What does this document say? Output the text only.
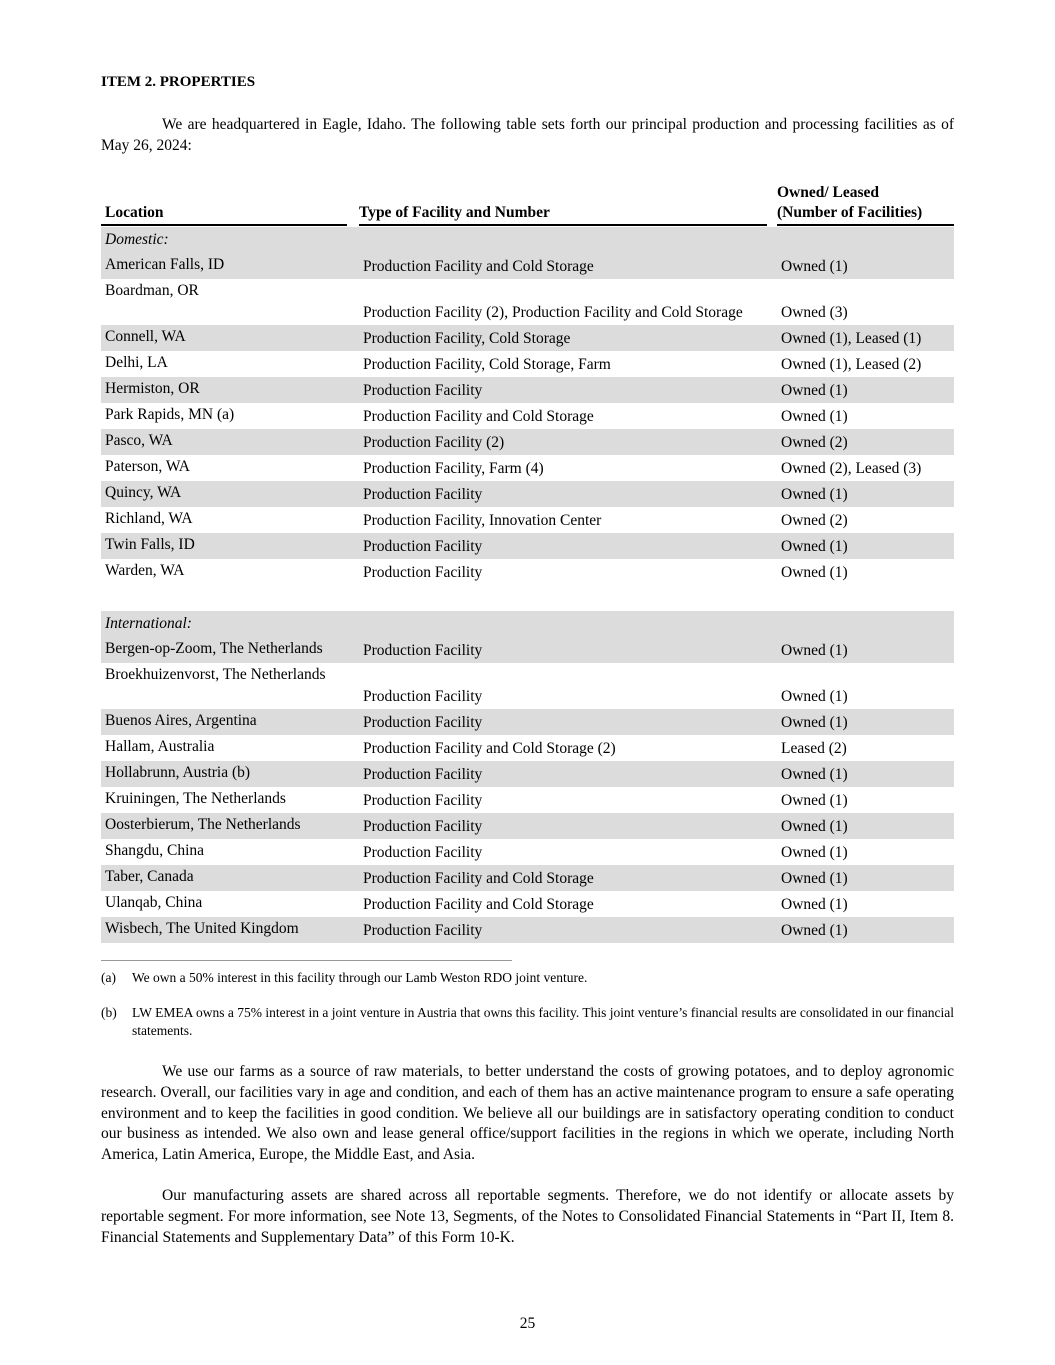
ITEM 2. PROPERTIES

We are headquartered in Eagle, Idaho. The following table sets forth our principal production and processing facilities as of May 26, 2024:

Location	Type of Facility and Number	Owned/ Leased
(Number of Facilities)

Domestic:		
American Falls, ID	Production Facility and Cold Storage	Owned (1)
Boardman, OR	Production Facility (2), Production Facility and Cold Storage	Owned (3)
Connell, WA	Production Facility, Cold Storage	Owned (1), Leased (1)
Delhi, LA	Production Facility, Cold Storage, Farm	Owned (1), Leased (2)
Hermiston, OR	Production Facility	Owned (1)
Park Rapids, MN (a)	Production Facility and Cold Storage	Owned (1)
Pasco, WA	Production Facility (2)	Owned (2)
Paterson, WA	Production Facility, Farm (4)	Owned (2), Leased (3)
Quincy, WA	Production Facility	Owned (1)
Richland, WA	Production Facility, Innovation Center	Owned (2)
Twin Falls, ID	Production Facility	Owned (1)
Warden, WA	Production Facility	Owned (1)

International:		
Bergen-op-Zoom, The Netherlands	Production Facility	Owned (1)
Broekhuizenvorst, The Netherlands	Production Facility	Owned (1)
Buenos Aires, Argentina	Production Facility	Owned (1)
Hallam, Australia	Production Facility and Cold Storage (2)	Leased (2)
Hollabrunn, Austria (b)	Production Facility	Owned (1)
Kruiningen, The Netherlands	Production Facility	Owned (1)
Oosterbierum, The Netherlands	Production Facility	Owned (1)
Shangdu, China	Production Facility	Owned (1)
Taber, Canada	Production Facility and Cold Storage	Owned (1)
Ulanqab, China	Production Facility and Cold Storage	Owned (1)
Wisbech, The United Kingdom	Production Facility	Owned (1)
(a) We own a 50% interest in this facility through our Lamb Weston RDO joint venture.
(b) LW EMEA owns a 75% interest in a joint venture in Austria that owns this facility. This joint venture’s financial results are consolidated in our financial statements.

We use our farms as a source of raw materials, to better understand the costs of growing potatoes, and to deploy agronomic research. Overall, our facilities vary in age and condition, and each of them has an active maintenance program to ensure a safe operating environment and to keep the facilities in good condition. We believe all our buildings are in satisfactory operating condition to conduct our business as intended. We also own and lease general office/support facilities in the regions in which we operate, including North America, Latin America, Europe, the Middle East, and Asia.

Our manufacturing assets are shared across all reportable segments. Therefore, we do not identify or allocate assets by reportable segment. For more information, see Note 13, Segments, of the Notes to Consolidated Financial Statements in “Part II, Item 8. Financial Statements and Supplementary Data” of this Form 10-K.

25
